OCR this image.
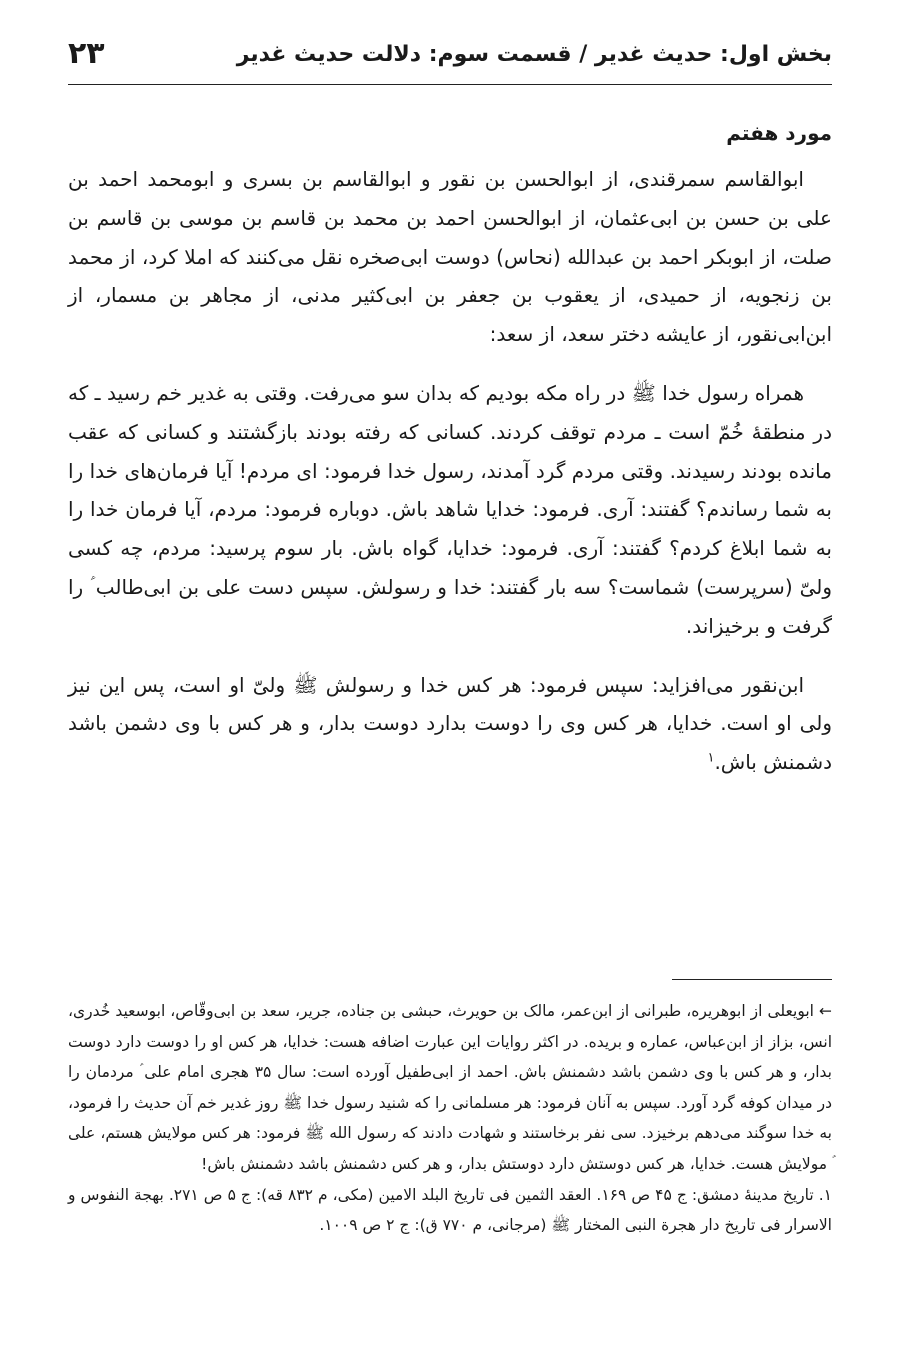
بخش اول: حدیث غدیر / قسمت سوم: دلالت حدیث غدیر
۲۳
مورد هفتم

ابوالقاسم سمرقندی، از ابوالحسن بن نقور و ابوالقاسم بن بسری و ابومحمد احمد بن علی بن حسن بن ابی‌عثمان، از ابوالحسن احمد بن محمد بن قاسم بن موسی بن قاسم بن صلت، از ابوبکر احمد بن عبدالله (نحاس) دوست ابی‌صخره نقل می‌کنند که املا کرد، از محمد بن زنجویه، از حمیدی، از یعقوب بن جعفر بن ابی‌کثیر مدنی، از مجاهر بن مسمار، از ابن‌ابی‌نقور، از عایشه دختر سعد، از سعد:

همراه رسول خدا ﷺ در راه مکه بودیم که بدان سو می‌رفت. وقتی به غدیر خم رسید ـ که در منطقهٔ خُمّ است ـ مردم توقف کردند. کسانی که رفته بودند بازگشتند و کسانی که عقب مانده بودند رسیدند. وقتی مردم گرد آمدند، رسول خدا فرمود: ای مردم! آیا فرمان‌های خدا را به شما رساندم؟ گفتند: آری. فرمود: خدایا شاهد باش. دوباره فرمود: مردم، آیا فرمان خدا را به شما ابلاغ کردم؟ گفتند: آری. فرمود: خدایا، گواه باش. بار سوم پرسید: مردم، چه کسی ولیّ (سرپرست) شماست؟ سه بار گفتند: خدا و رسولش. سپس دست علی بن ابی‌طالب ؑ را گرفت و برخیزاند.

ابن‌نقور می‌افزاید: سپس فرمود: هر کس خدا و رسولش ﷺ ولیّ او است، پس این نیز ولی او است. خدایا، هر کس وی را دوست بدارد دوست بدار، و هر کس با وی دشمن باشد دشمنش باش.$^۱$

← ابویعلی از ابوهریره، طبرانی از ابن‌عمر، مالک بن حویرث، حبشی بن جناده، جریر، سعد بن ابی‌وقّاص، ابوسعید خُدری، انس، بزاز از ابن‌عباس، عماره و بریده. در اکثر روایات این عبارت اضافه هست: خدایا، هر کس او را دوست دارد دوست بدار، و هر کس با وی دشمن باشد دشمنش باش. احمد از ابی‌طفیل آورده است: سال ۳۵ هجری امام علی ؑ مردمان را در میدان کوفه گرد آورد. سپس به آنان فرمود: هر مسلمانی را که شنید رسول خدا ﷺ روز غدیر خم آن حدیث را فرمود، به خدا سوگند می‌دهم برخیزد. سی نفر برخاستند و شهادت دادند که رسول الله ﷺ فرمود: هر کس مولایش هستم، علی ؑ مولایش هست. خدایا، هر کس دوستش دارد دوستش بدار، و هر کس دشمنش باشد دشمنش باش!

۱. تاریخ مدینهٔ دمشق: ج ۴۵ ص ۱۶۹. العقد الثمین فی تاریخ البلد الامین (مکی، م ۸۳۲ قه): ج ۵ ص ۲۷۱. بهجة النفوس و الاسرار فی تاریخ دار هجرة النبی المختار ﷺ (مرجانی، م ۷۷۰ ق): ج ۲ ص ۱۰۰۹.
